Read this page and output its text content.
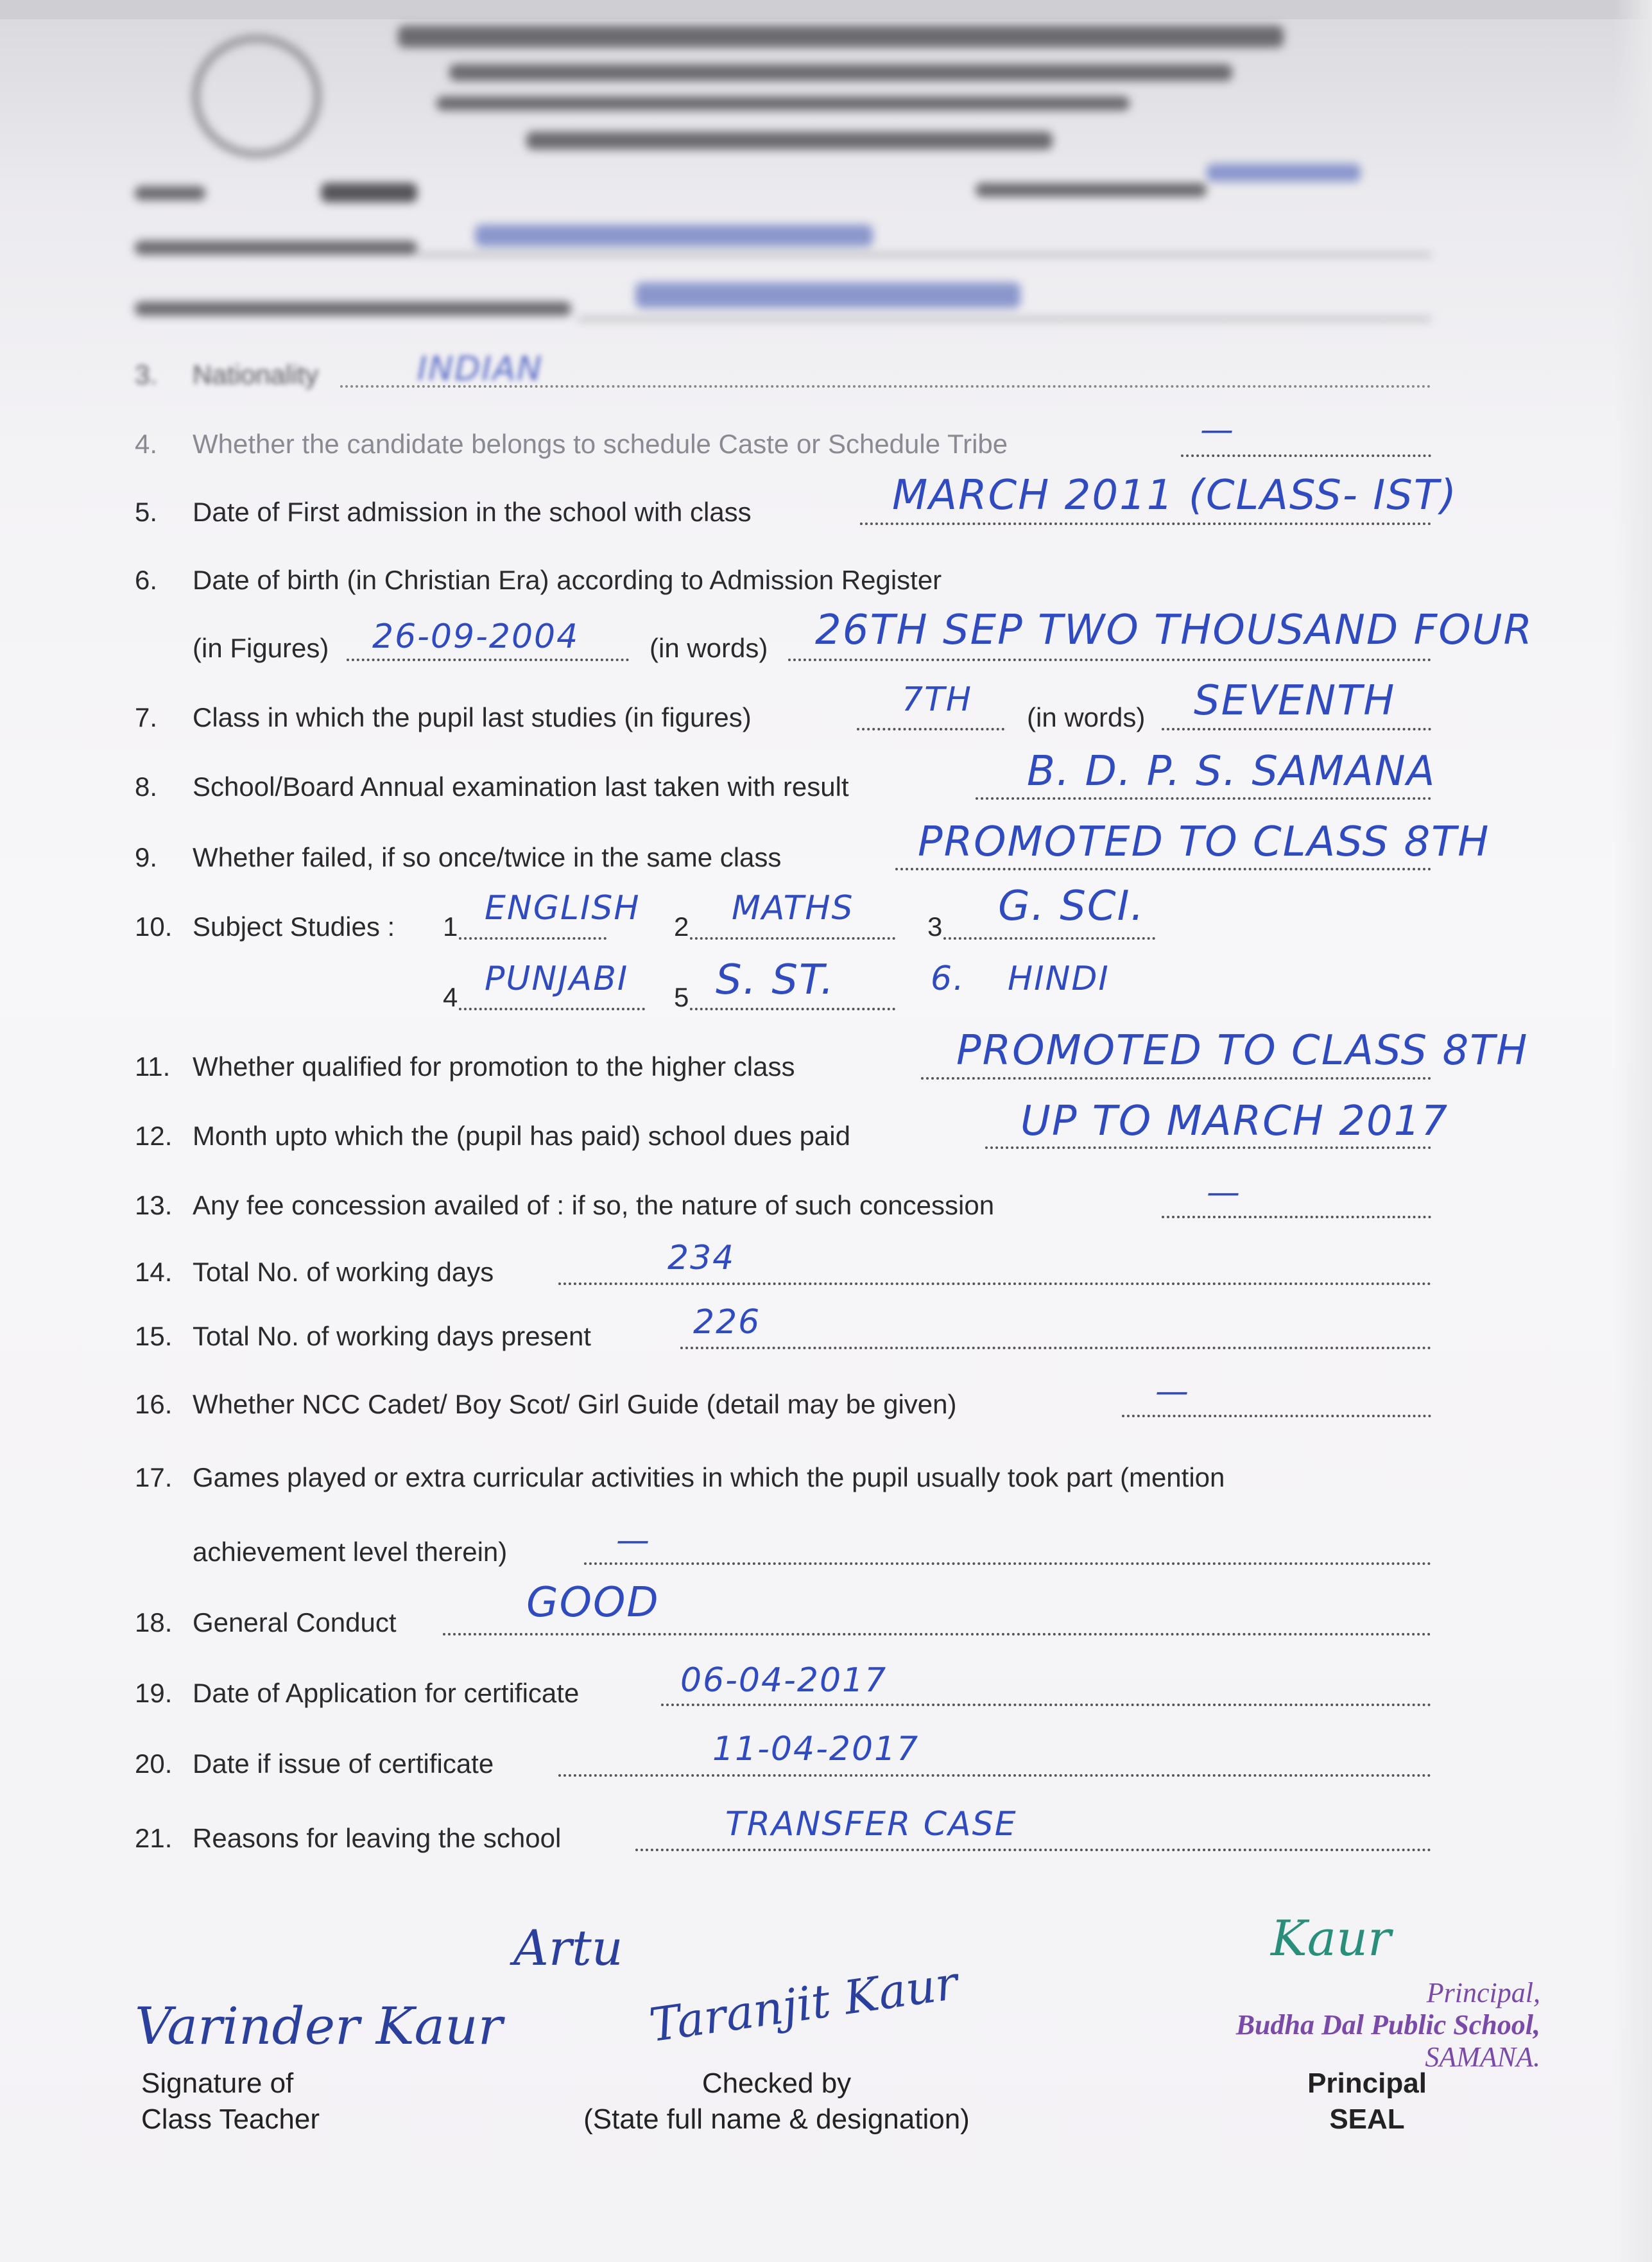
3. Nationality	INDIAN
4. Whether the candidate belongs to schedule Caste or Schedule Tribe	—
5. Date of First admission in the school with class	MARCH 2011 (CLASS- IST)
6. Date of birth (in Christian Era) according to Admission Register
(in Figures) 26-09-2004	(in words) 26TH SEP TWO THOUSAND FOUR
7. Class in which the pupil last studies (in figures)	7TH (in words) SEVENTH
8. School/Board Annual examination last taken with result	B. D. P. S. SAMANA
9. Whether failed, if so once/twice in the same class	PROMOTED TO CLASS 8TH
10. Subject Studies : 1 ENGLISH 2 MATHS	3 G. SCI.
4 PUNJABI 5 S. ST.	6. HINDI
11. Whether qualified for promotion to the higher class	PROMOTED TO CLASS 8TH
12. Month upto which the (pupil has paid) school dues paid	UP TO MARCH 2017
13. Any fee concession availed of : if so, the nature of such concession	—
14. Total No. of working days	234
15. Total No. of working days present	226
16. Whether NCC Cadet/ Boy Scot/ Girl Guide (detail may be given)	—
17. Games played or extra curricular activities in which the pupil usually took part (mention
achievement level therein)	—
18. General Conduct	GOOD
19. Date of Application for certificate	06-04-2017
20. Date if issue of certificate	11-04-2017
21. Reasons for leaving the school	TRANSFER CASE
Varinder Kaur
Signature of
Class Teacher
Artu
Taranjit Kaur
Checked by
(State full name & designation)
Kaur
Principal,
Budha Dal Public School,
SAMANA.
Principal
SEAL
